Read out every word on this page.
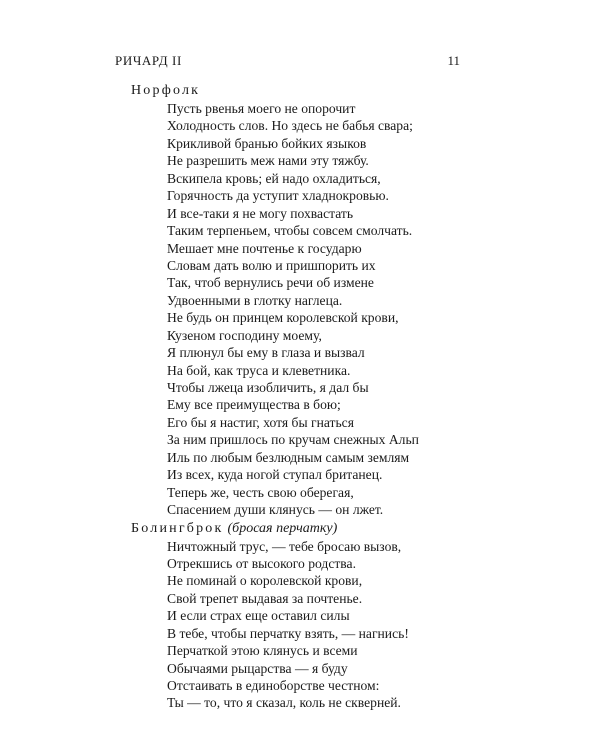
РИЧАРД II	11
Норфолк
Пусть рвенья моего не опорочит
Холодность слов. Но здесь не бабья свара;
Крикливой бранью бойких языков
Не разрешить меж нами эту тяжбу.
Вскипела кровь; ей надо охладиться,
Горячность да уступит хладнокровью.
И все-таки я не могу похвастать
Таким терпеньем, чтобы совсем смолчать.
Мешает мне почтенье к государю
Словам дать волю и пришпорить их
Так, чтоб вернулись речи об измене
Удвоенными в глотку наглеца.
Не будь он принцем королевской крови,
Кузеном господину моему,
Я плюнул бы ему в глаза и вызвал
На бой, как труса и клеветника.
Чтобы лжеца изобличить, я дал бы
Ему все преимущества в бою;
Его бы я настиг, хотя бы гнаться
За ним пришлось по кручам снежных Альп
Иль по любым безлюдным самым землям
Из всех, куда ногой ступал британец.
Теперь же, честь свою оберегая,
Спасением души клянусь — он лжет.
Болингброк (бросая перчатку)
Ничтожный трус, — тебе бросаю вызов,
Отрекшись от высокого родства.
Не поминай о королевской крови,
Свой трепет выдавая за почтенье.
И если страх еще оставил силы
В тебе, чтобы перчатку взять, — нагнись!
Перчаткой этою клянусь и всеми
Обычаями рыцарства — я буду
Отстаивать в единоборстве честном:
Ты — то, что я сказал, коль не скверней.
